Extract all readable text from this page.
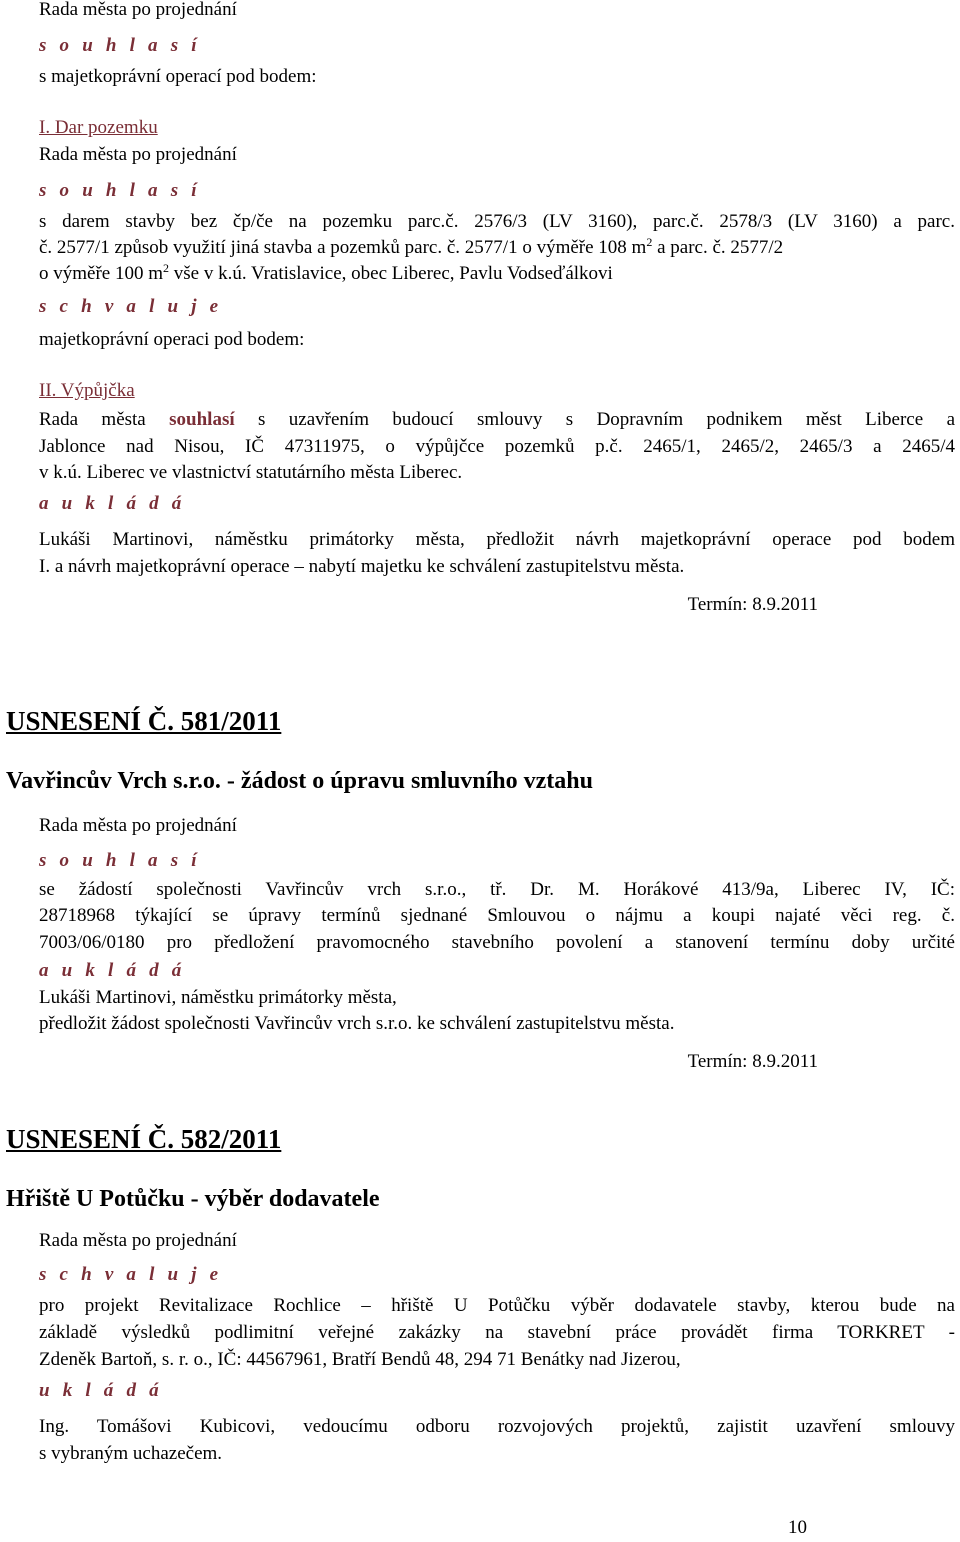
Rada města po projednání
s o u h l a s í
s majetkoprávní operací pod bodem:
I. Dar pozemku
Rada města po projednání
s o u h l a s í
s darem stavby bez čp/če na pozemku parc.č. 2576/3 (LV 3160), parc.č. 2578/3 (LV 3160) a parc.
č. 2577/1 způsob využití jiná stavba a pozemků parc. č. 2577/1 o výměře 108 $m^2$ a parc. č. 2577/2
o výměře 100 $m^2$ vše v k.ú. Vratislavice, obec Liberec, Pavlu Vodseďálkovi
s c h v a l u j e
majetkoprávní operaci pod bodem:
II. Výpůjčka
Rada města souhlasí s uzavřením budoucí smlouvy s Dopravním podnikem měst Liberce a
Jablonce nad Nisou, IČ 47311975, o výpůjčce pozemků p.č. 2465/1, 2465/2, 2465/3 a 2465/4
v k.ú. Liberec ve vlastnictví statutárního města Liberec.
a u k l á d á
Lukáši Martinovi, náměstku primátorky města, předložit návrh majetkoprávní operace pod bodem
I. a návrh majetkoprávní operace – nabytí majetku ke schválení zastupitelstvu města.
Termín: 8.9.2011
USNESENÍ Č. 581/2011
Vavřincův Vrch s.r.o. - žádost o úpravu smluvního vztahu
Rada města po projednání
s o u h l a s í
se žádostí společnosti Vavřincův vrch s.r.o., tř. Dr. M. Horákové 413/9a, Liberec IV, IČ:
28718968 týkající se úpravy termínů sjednané Smlouvou o nájmu a koupi najaté věci reg. č.
7003/06/0180 pro předložení pravomocného stavebního povolení a stanovení termínu doby určité
a u k l á d á
Lukáši Martinovi, náměstku primátorky města,
předložit žádost společnosti Vavřincův vrch s.r.o. ke schválení zastupitelstvu města.
Termín: 8.9.2011
USNESENÍ Č. 582/2011
Hřiště U Potůčku - výběr dodavatele
Rada města po projednání
s c h v a l u j e
pro projekt Revitalizace Rochlice – hřiště U Potůčku výběr dodavatele stavby, kterou bude na
základě výsledků podlimitní veřejné zakázky na stavební práce provádět firma TORKRET -
Zdeněk Bartoň, s. r. o., IČ: 44567961, Bratří Bendů 48, 294 71 Benátky nad Jizerou,
u k l á d á
Ing. Tomášovi Kubicovi, vedoucímu odboru rozvojových projektů, zajistit uzavření smlouvy
s vybraným uchazečem.
10
